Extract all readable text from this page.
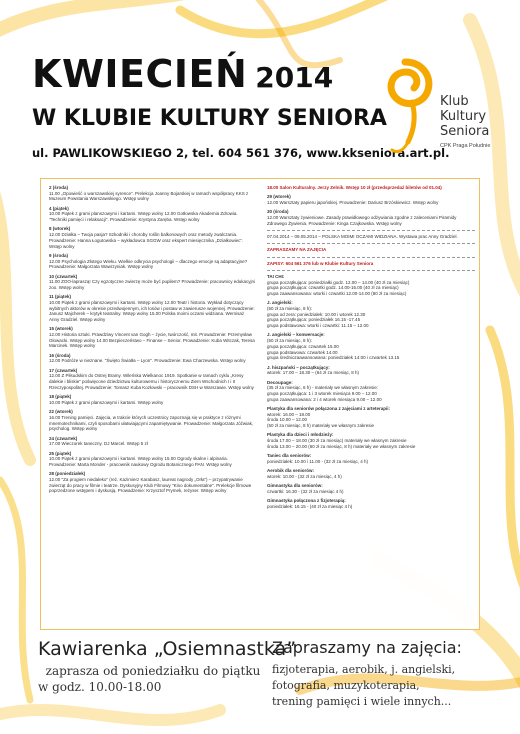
KWIECIEŃ 2014
W KLUBIE KULTURY SENIORA
ul. PAWLIKOWSKIEGO 2, tel. 604 561 376, www.kkseniora.art.pl.
Klub
Kultury
Seniora
CPK Praga Południe

2 (środa)

11.00 „Opowieść o warszawskiej syrence”. Prelekcja Joanny Bojarskiej w ramach współpracy KKS z Muzeum Powstania Warszawskiego. Wstęp wolny

4 (piątek)

10.00 Piątek z grami planszowymi i kartami. Wstęp wolny 12.00 Gotłowska Akademia Zdrowia. "Techniki pamięci i relaksacji". Prowadzenie: Krystyna Zaręba. Wstęp wolny

8 (wtorek)

12.00 Działka – Twoja pasja? Szkodniki i choroby roślin balkonowych oraz metody zwalczania. Prowadzenie: Hanna Łogutowska – wykładowca SGGW oraz ekspert miesięcznika „Działkowiec”. Wstęp wolny

9 (środa)

12.00 Psychologia Złotego Wieku. Wielkie odkrycia psychologii – dlaczego emocje są adaptacyjne? Prowadzenie: Małgorzata Wawrzyniak. Wstęp wolny

10 (czwartek)

11.00 ZOO-lapraszą! Czy egzotyczne zwierzę może być pupilem? Prowadzenie: pracownicy edukacyjni zoo. Wstęp wolny

11 (piątek)

10.00 Piątek z grami planszowymi i kartami. Wstęp wolny 12.00 Teatr i historia. Wykład dotyczący wybitnych aktorów w okresie przedwojennym, ich losów i postaw w zawierusze wojennej. Prowadzenie: Janusz Majcherek – krytyk teatralny. Wstęp wolny 15.00 Polska moimi oczami widziana. Wernisaż Anny Gradziel. Wstęp wolny

15 (wtorek)

12.00 Historia sztuki. Prawdziwy Vincent van Gogh – życie, twórczość, mit. Prowadzenie: Przemysław Głowacki. Wstęp wolny 14.00 Bezpieczeństwo – Finanse – Senior. Prowadzenie: Kuba Witczak, Teresa Marcinek. Wstęp wolny

16 (środa)

12.00 Podróże w nieznane. "Święto Światła – Lyon". Prowadzenie: Ewa Charzewska. Wstęp wolny

17 (czwartek)

12.00 Z Piłsudskim do Ostrej Bramy. Wileńska Wielkanoc 1919. Spotkanie w ramach cyklu „Kresy dalekie i bliskie” poświęcone dziedzictwu kulturowemu i historycznemu Ziem Wschodnich I i II Rzeczypospolitej. Prowadzenie: Tomasz Kuba Kozłowski – pracownik DSH w Warszawie. Wstęp wolny

18 (piątek)

10.00 Piątek z grami planszowymi i kartami. Wstęp wolny

22 (wtorek)

16.00 Trening pamięci. Zajęcia, w trakcie których uczestnicy zapoznają się w praktyce z różnymi mnemotechnikami, czyli sposobami ułatwiającymi zapamiętywanie. Prowadzenie: Małgorzata Jóźwiak, psycholog. Wstęp wolny

24 (czwartek)

17.00 Wieczorek taneczny. DJ Marcel. Wstęp 5 zł

25 (piątek)

10.00 Piątek z grami planszowymi i kartami. Wstęp wolny 15.00 Ogrody skalne i alpinaria. Prowadzenie: Marta Monder - pracownik naukowy Ogrodu Botanicznego PAN. Wstęp wolny

28 (poniedziałek)

12.00 "Za progiem niedaleko" (reż. Kazimierz Karabasz, laureat nagrody „Orła”) – przypatrywanie zwierząt do pracy w filmie i teatrze. Dyskusyjny Klub Filmowy "Kino dokumentalne". Prelekcje filmowe poprzedzone wstępem i dyskusją. Prowadzenie: Krzysztof Prymek, reżyser. Wstęp wolny

18.00 Salon Kulturalny. Jerzy Zelnik. Wstęp 10 zł (przedsprzedaż biletów od 01.04)

29 (wtorek)

12.00 Warsztaty papieru japońskiej. Prowadzenie: Dariusz Brzóskiewicz. Wstęp wolny

30 (środa)

12.00 Warsztaty żywieniowe. Zasady prawidłowego odżywiania zgodne z zaleceniami Piramidy Zdrowego Żywienia. Prowadzenie: Kinga Czajkowska. Wstęp wolny

07.04.2014 – 09.05.2014 – POLSKA MOIMI OCZAMI WIDZIANA. Wystawa prac Anny Gradziel.

ZAPRASZAMY NA ZAJĘCIA

ZAPISY: 604 561 376 lub w Klubie Kultury Seniora

TAI CHI:

grupa początkująca: poniedziałki godz. 12.00 – 14.00 (40 zł za miesiąc)

grupa początkująca: czwartki godz. 14.00-16.00 (40 zł za miesiąc)

grupa zaawansowana: wtorki i czwartki 12.00-14.00 (80 zł za miesiąc)

J. angielski:

(50 zł za miesiąc, 8 h):

grupa od zera: poniedziałek: 10.00 i wtorek 12.30

grupa początkująca: poniedziałek 16.15 -17.45

grupa podstawowa: wtorki i czwartki: 11.15 – 12.00

J. angielski – konwersacje:

(50 zł za miesiąc, 8 h):

grupa początkująca: czwartek 15.00

grupa podstawowa: czwartek 14.00

grupa średniozaawansowana: poniedziałek 14:00 i czwartek 13.15

J. hiszpański – początkujący:

wtorek: 17.00 – 18.30 – (64 zł za miesiąc, 8 h)

Decoupage:

(35 zł za miesiąc, 6 h) - materiały we własnym zakresie:

grupa początkująca: 1 i 3 wtorek miesiąca 9.00 – 12.00

grupa zaawansowana: 2 i 4 wtorek miesiąca 9.00 – 12.00

Plastyka dla seniorów połączona z zajęciami z arteterapii:

wtorek: 16.00 – 18.00

środa 10.00 – 12.00

(50 zł za miesiąc, 8 h) materiały we własnym zakresie

Plastyka dla dzieci i młodzieży:

środa 17.00 – 18.00 (30 zł za miesiąc) materiały we własnym zakresie

środa 13.00 – 20.00 (60 zł za miesiąc, 8 h) materiały we własnym zakresie

Taniec dla seniorów:

poniedziałek: 10.00 i 11.00 - (32 zł za miesiąc, 4 h)

Aerobik dla seniorów:

wtorek: 10.00 - (32 zł za miesiąc, 4 h)

Gimnastyka dla seniorów:

czwartki: 16.30 - (32 zł za miesiąc 4 h)

Gimnastyka połączona z fizjoterapią:

poniedziałek: 16.15 - (40 zł za miesiąc 4 h)

Kawiarenka „Osiemnastka”
zaprasza od poniedziałku do piątku
w godz. 10.00-18.00
Zapraszamy na zajęcia:
fizjoterapia, aerobik, j. angielski,
fotografia, muzykoterapia,
trening pamięci i wiele innych...
